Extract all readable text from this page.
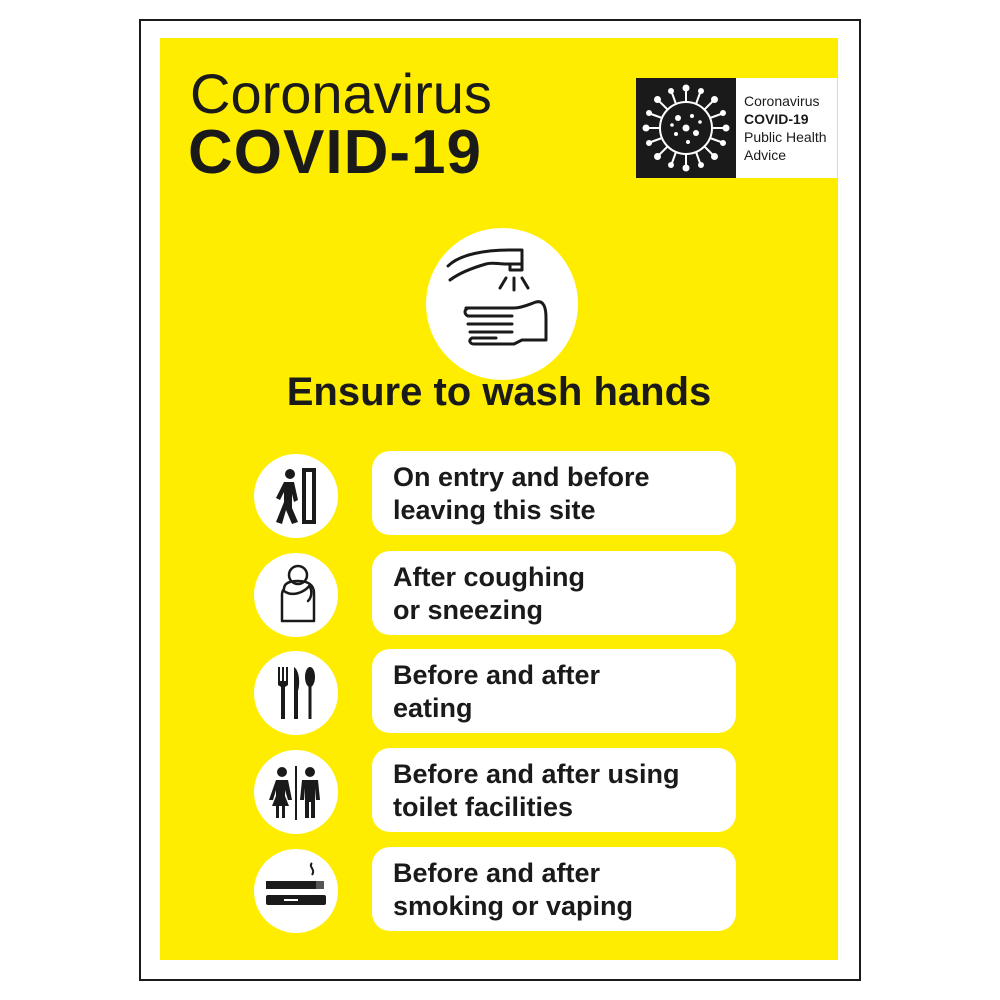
Coronavirus
COVID-19
Coronavirus
COVID-19
Public Health
Advice
Ensure to wash hands
On entry and before
leaving this site
After coughing
or sneezing
Before and after
eating
Before and after using
toilet facilities
Before and after
smoking or vaping
